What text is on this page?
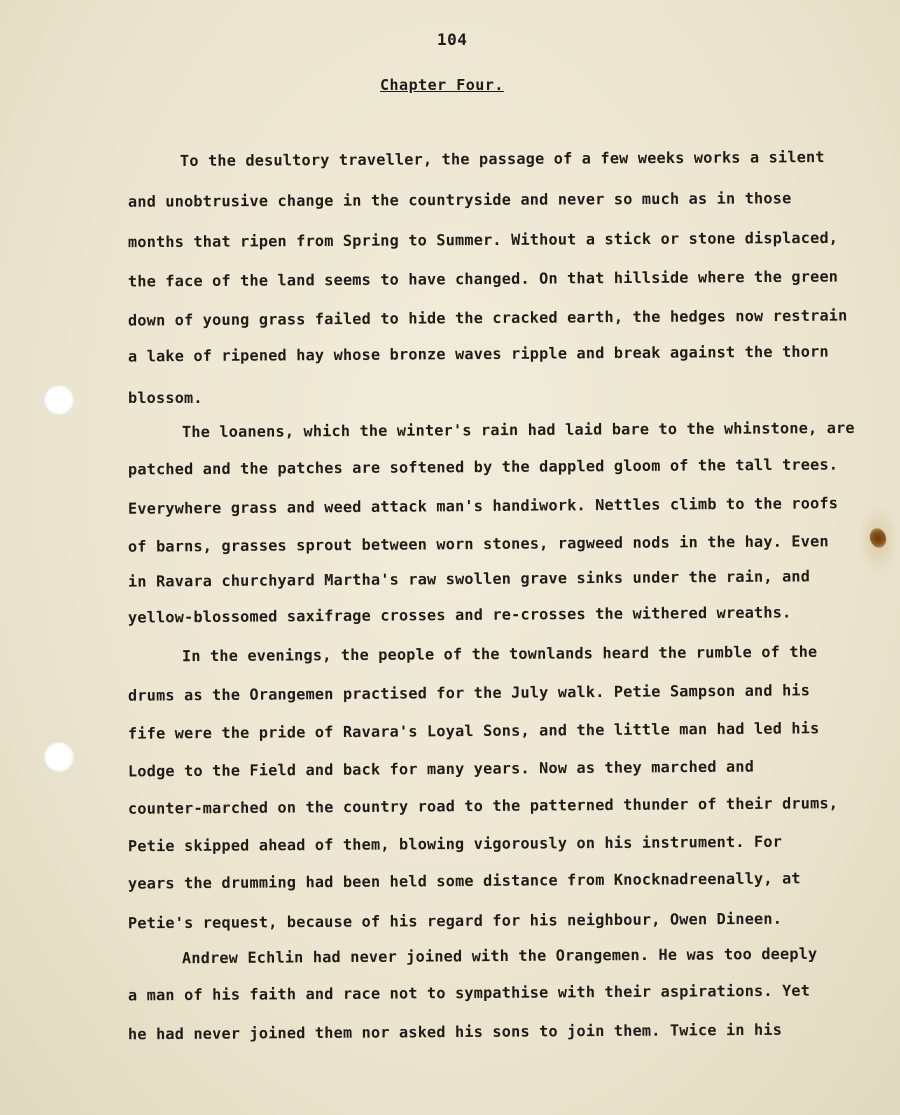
104
Chapter Four.
To the desultory traveller, the passage of a few weeks works a silent
and unobtrusive change in the countryside and never so much as in those
months that ripen from Spring to Summer. Without a stick or stone displaced,
the face of the land seems to have changed. On that hillside where the green
down of young grass failed to hide the cracked earth, the hedges now restrain
a lake of ripened hay whose bronze waves ripple and break against the thorn
blossom.
The loanens, which the winter's rain had laid bare to the whinstone, are
patched and the patches are softened by the dappled gloom of the tall trees.
Everywhere grass and weed attack man's handiwork. Nettles climb to the roofs
of barns, grasses sprout between worn stones, ragweed nods in the hay. Even
in Ravara churchyard Martha's raw swollen grave sinks under the rain, and
yellow-blossomed saxifrage crosses and re-crosses the withered wreaths.
In the evenings, the people of the townlands heard the rumble of the
drums as the Orangemen practised for the July walk. Petie Sampson and his
fife were the pride of Ravara's Loyal Sons, and the little man had led his
Lodge to the Field and back for many years. Now as they marched and
counter-marched on the country road to the patterned thunder of their drums,
Petie skipped ahead of them, blowing vigorously on his instrument. For
years the drumming had been held some distance from Knocknadreenally, at
Petie's request, because of his regard for his neighbour, Owen Dineen.
Andrew Echlin had never joined with the Orangemen. He was too deeply
a man of his faith and race not to sympathise with their aspirations. Yet
he had never joined them nor asked his sons to join them. Twice in his
